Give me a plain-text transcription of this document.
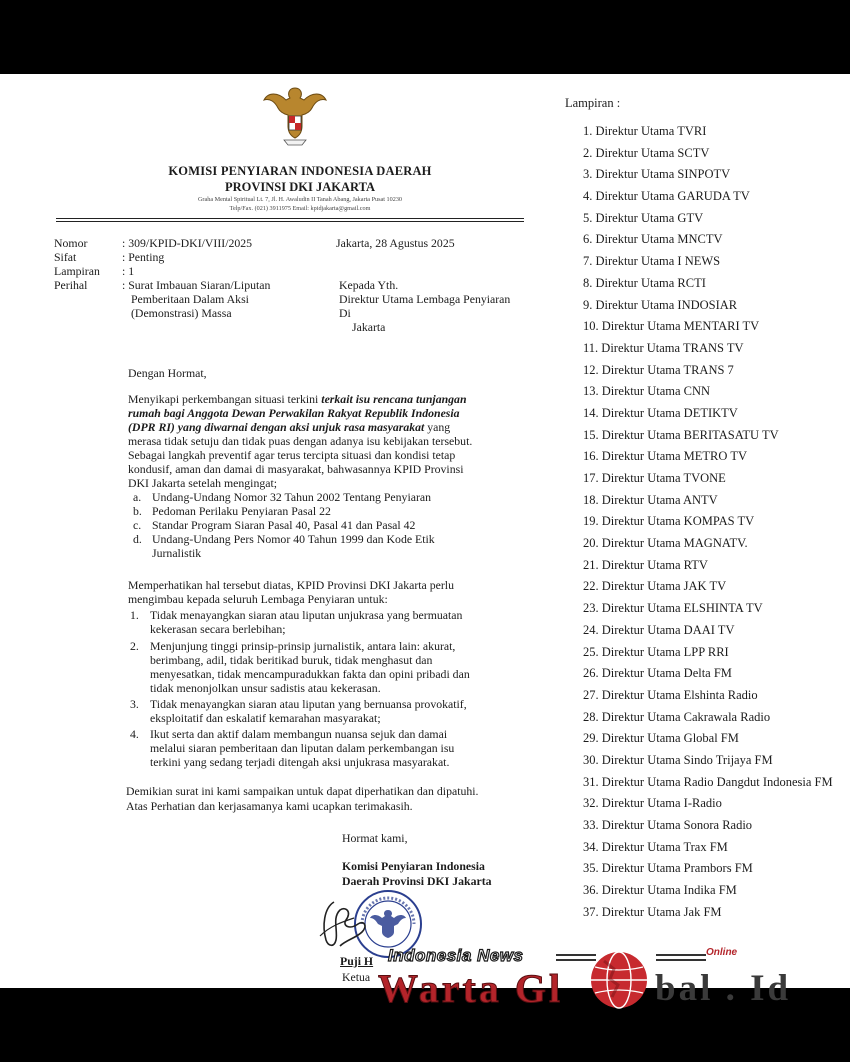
KOMISI PENYIARAN INDONESIA DAERAH
PROVINSI DKI JAKARTA
Graha Mental Spiritual Lt. 7, Jl. H. Awaludin II Tanah Abang, Jakarta Pusat 10230
Telp/Fax. (021) 3911975 Email: kpidjakarta@gmail.com
Nomor	: 309/KPID-DKI/VIII/2025
Sifat	: Penting
Lampiran : 1
Perihal	: Surat Imbauan Siaran/Liputan
Pemberitaan Dalam Aksi
(Demonstrasi) Massa
Jakarta, 28 Agustus 2025
Kepada Yth.
Direktur Utama Lembaga Penyiaran
Di
Jakarta
Dengan Hormat,
Menyikapi perkembangan situasi terkini terkait isu rencana tunjangan
rumah bagi Anggota Dewan Perwakilan Rakyat Republik Indonesia
(DPR RI) yang diwarnai dengan aksi unjuk rasa masyarakat yang
merasa tidak setuju dan tidak puas dengan adanya isu kebijakan tersebut.
Sebagai langkah preventif agar terus tercipta situasi dan kondisi tetap
kondusif, aman dan damai di masyarakat, bahwasannya KPID Provinsi
DKI Jakarta setelah mengingat;
a. Undang-Undang Nomor 32 Tahun 2002 Tentang Penyiaran
b. Pedoman Perilaku Penyiaran Pasal 22
c. Standar Program Siaran Pasal 40, Pasal 41 dan Pasal 42
d. Undang-Undang Pers Nomor 40 Tahun 1999 dan Kode Etik
Jurnalistik
Memperhatikan hal tersebut diatas, KPID Provinsi DKI Jakarta perlu
mengimbau kepada seluruh Lembaga Penyiaran untuk:
1. Tidak menayangkan siaran atau liputan unjukrasa yang bermuatan
kekerasan secara berlebihan;
2. Menjunjung tinggi prinsip-prinsip jurnalistik, antara lain: akurat,
berimbang, adil, tidak beritikad buruk, tidak menghasut dan
menyesatkan, tidak mencampuradukkan fakta dan opini pribadi dan
tidak menonjolkan unsur sadistis atau kekerasan.
3. Tidak menayangkan siaran atau liputan yang bernuansa provokatif,
eksploitatif dan eskalatif kemarahan masyarakat;
4. Ikut serta dan aktif dalam membangun nuansa sejuk dan damai
melalui siaran pemberitaan dan liputan dalam perkembangan isu
terkini yang sedang terjadi ditengah aksi unjukrasa masyarakat.
Demikian surat ini kami sampaikan untuk dapat diperhatikan dan dipatuhi.
Atas Perhatian dan kerjasamanya kami ucapkan terimakasih.
Hormat kami,
Komisi Penyiaran Indonesia
Daerah Provinsi DKI Jakarta
Puji H
Ketua
Lampiran :
1. Direktur Utama TVRI
2. Direktur Utama SCTV
3. Direktur Utama SINPOTV
4. Direktur Utama GARUDA TV
5. Direktur Utama GTV
6. Direktur Utama MNCTV
7. Direktur Utama I NEWS
8. Direktur Utama RCTI
9. Direktur Utama INDOSIAR
10. Direktur Utama MENTARI TV
11. Direktur Utama TRANS TV
12. Direktur Utama TRANS 7
13. Direktur Utama CNN
14. Direktur Utama DETIKTV
15. Direktur Utama BERITASATU TV
16. Direktur Utama METRO TV
17. Direktur Utama TVONE
18. Direktur Utama ANTV
19. Direktur Utama KOMPAS TV
20. Direktur Utama MAGNATV.
21. Direktur Utama RTV
22. Direktur Utama JAK TV
23. Direktur Utama ELSHINTA TV
24. Direktur Utama DAAI TV
25. Direktur Utama LPP RRI
26. Direktur Utama Delta FM
27. Direktur Utama Elshinta Radio
28. Direktur Utama Cakrawala Radio
29. Direktur Utama Global FM
30. Direktur Utama Sindo Trijaya FM
31. Direktur Utama Radio Dangdut Indonesia FM
32. Direktur Utama I-Radio
33. Direktur Utama Sonora Radio
34. Direktur Utama Trax FM
35. Direktur Utama Prambors FM
36. Direktur Utama Indika FM
37. Direktur Utama Jak FM
Indonesia News	Online
Warta Gl bal . Id
